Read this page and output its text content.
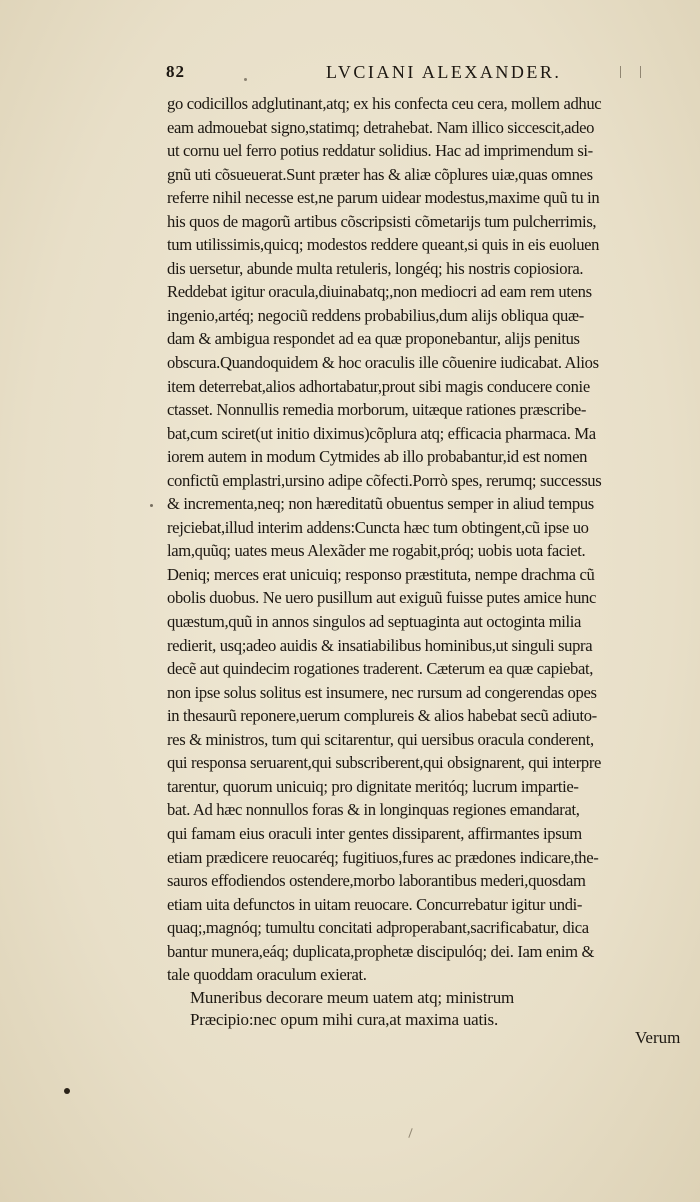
82	LVCIANI ALEXANDER.
go codicillos adglutinant,atq; ex his confecta ceu cera, mollem adhuc
eam admouebat signo,statimq; detrahebat. Nam illico siccescit,adeo
ut cornu uel ferro potius reddatur solidius. Hac ad imprimendum si-
gnũ uti cõsueuerat.Sunt præter has & aliæ cõplures uiæ,quas omnes
referre nihil necesse est,ne parum uidear modestus,maxime quũ tu in
his quos de magorũ artibus cõscripsisti cõmetarijs tum pulcherrimis,
tum utilissimis,quicq; modestos reddere queant,si quis in eis euoluen
dis uersetur, abunde multa retuleris, longéq; his nostris copiosiora.
Reddebat igitur oracula,diuinabatq;,non mediocri ad eam rem utens
ingenio,artéq; negociũ reddens probabilius,dum alijs obliqua quæ-
dam & ambigua respondet ad ea quæ proponebantur, alijs penitus
obscura.Quandoquidem & hoc oraculis ille cõuenire iudicabat. Alios
item deterrebat,alios adhortabatur,prout sibi magis conducere conie
ctasset. Nonnullis remedia morborum, uitæque rationes præscribe-
bat,cum sciret(ut initio diximus)cõplura atq; efficacia pharmaca. Ma
iorem autem in modum Cytmides ab illo probabantur,id est nomen
confictũ emplastri,ursino adipe cõfecti.Porrò spes, rerumq; successus
& incrementa,neq; non hæreditatũ obuentus semper in aliud tempus
rejciebat,illud interim addens:Cuncta hæc tum obtingent,cũ ipse uo
lam,quũq; uates meus Alexãder me rogabit,próq; uobis uota faciet.
Deniq; merces erat unicuiq; responso præstituta, nempe drachma cũ
obolis duobus. Ne uero pusillum aut exiguũ fuisse putes amice hunc
quæstum,quũ in annos singulos ad septuaginta aut octoginta milia
redierit, usq;adeo auidis & insatiabilibus hominibus,ut singuli supra
decẽ aut quindecim rogationes traderent. Cæterum ea quæ capiebat,
non ipse solus solitus est insumere, nec rursum ad congerendas opes
in thesaurũ reponere,uerum complureis & alios habebat secũ adiuto-
res & ministros, tum qui scitarentur, qui uersibus oracula conderent,
qui responsa seruarent,qui subscriberent,qui obsignarent, qui interpre
tarentur, quorum unicuiq; pro dignitate meritóq; lucrum impartie-
bat. Ad hæc nonnullos foras & in longinquas regiones emandarat,
qui famam eius oraculi inter gentes dissiparent, affirmantes ipsum
etiam prædicere reuocaréq; fugitiuos,fures ac prædones indicare,the-
sauros effodiendos ostendere,morbo laborantibus mederi,quosdam
etiam uita defunctos in uitam reuocare. Concurrebatur igitur undi-
quaq;,magnóq; tumultu concitati adproperabant,sacrificabatur, dica
bantur munera,eáq; duplicata,prophetæ discipulóq; dei. Iam enim &
tale quoddam oraculum exierat.
Muneribus decorare meum uatem atq; ministrum
Præcipio:nec opum mihi cura,at maxima uatis.
Verum
